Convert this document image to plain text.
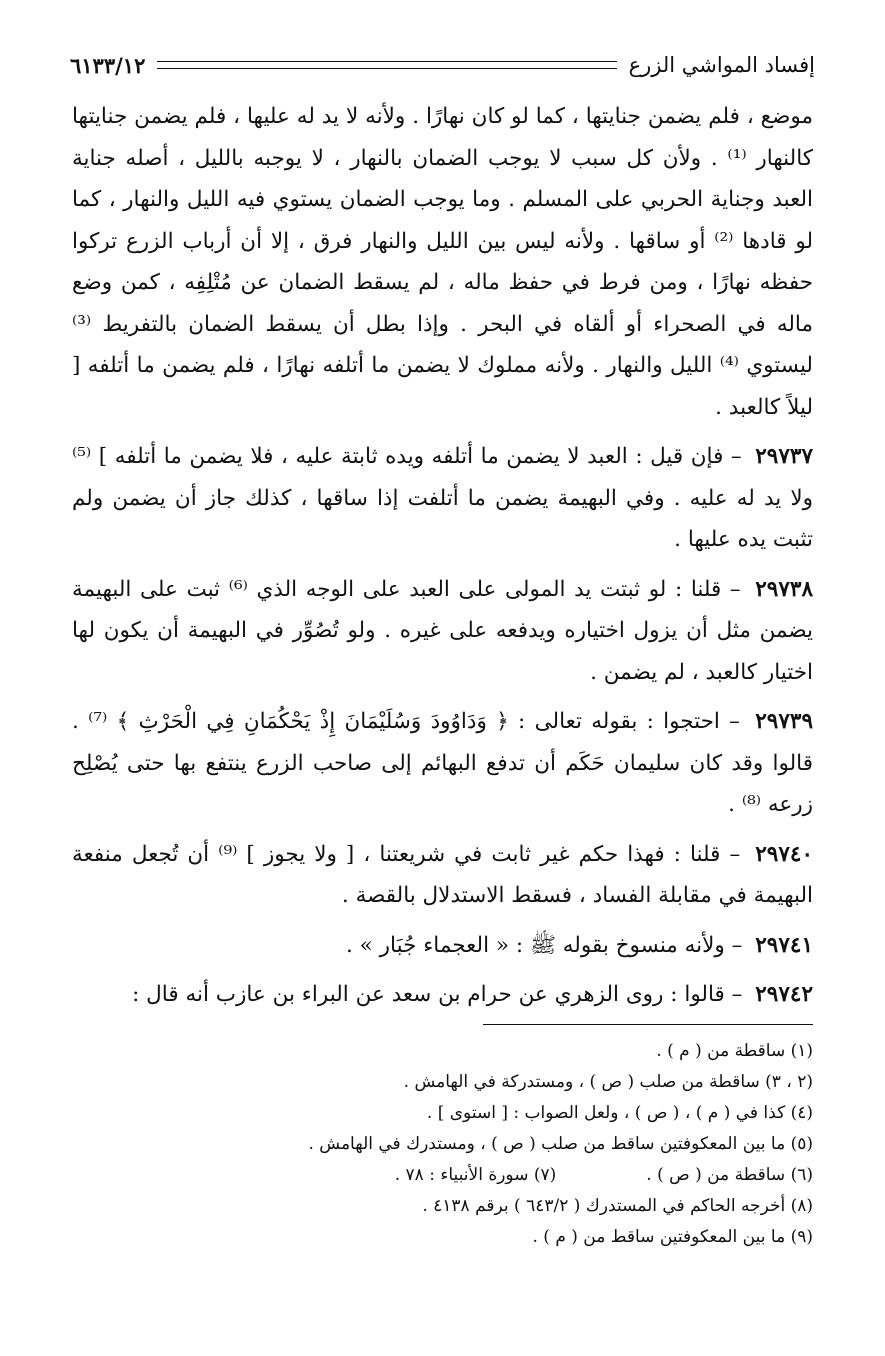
إفساد المواشي الزرع
٦١٣٣/١٢

موضع ، فلم يضمن جنايتها ، كما لو كان نهارًا . ولأنه لا يد له عليها ، فلم يضمن جنايتها كالنهار ⁽¹⁾ . ولأن كل سبب لا يوجب الضمان بالنهار ، لا يوجبه بالليل ، أصله جناية العبد وجناية الحربي على المسلم . وما يوجب الضمان يستوي فيه الليل والنهار ، كما لو قادها ⁽²⁾ أو ساقها . ولأنه ليس بين الليل والنهار فرق ، إلا أن أرباب الزرع تركوا حفظه نهارًا ، ومن فرط في حفظ ماله ، لم يسقط الضمان عن مُتْلِفِه ، كمن وضع ماله في الصحراء أو ألقاه في البحر . وإذا بطل أن يسقط الضمان بالتفريط ⁽³⁾ ليستوي ⁽⁴⁾ الليل والنهار . ولأنه مملوك لا يضمن ما أتلفه نهارًا ، فلم يضمن ما أتلفه [ ليلاً كالعبد .

٢٩٧٣٧ – فإن قيل : العبد لا يضمن ما أتلفه ويده ثابتة عليه ، فلا يضمن ما أتلفه ] ⁽⁵⁾ ولا يد له عليه . وفي البهيمة يضمن ما أتلفت إذا ساقها ، كذلك جاز أن يضمن ولم تثبت يده عليها .

٢٩٧٣٨ – قلنا : لو ثبتت يد المولى على العبد على الوجه الذي ⁽⁶⁾ ثبت على البهيمة يضمن مثل أن يزول اختياره ويدفعه على غيره . ولو تُصُوِّر في البهيمة أن يكون لها اختيار كالعبد ، لم يضمن .

٢٩٧٣٩ – احتجوا : بقوله تعالى : ﴿ وَدَاوُودَ وَسُلَيْمَانَ إِذْ يَحْكُمَانِ فِي الْحَرْثِ ﴾ ⁽⁷⁾ . قالوا وقد كان سليمان حَكَم أن تدفع البهائم إلى صاحب الزرع ينتفع بها حتى يُصْلِح زرعه ⁽⁸⁾ .

٢٩٧٤٠ – قلنا : فهذا حكم غير ثابت في شريعتنا ، [ ولا يجوز ] ⁽⁹⁾ أن تُجعل منفعة البهيمة في مقابلة الفساد ، فسقط الاستدلال بالقصة .

٢٩٧٤١ – ولأنه منسوخ بقوله ﷺ : « العجماء جُبَار » .

٢٩٧٤٢ – قالوا : روى الزهري عن حرام بن سعد عن البراء بن عازب أنه قال :

(١) ساقطة من ( م ) .

(٢ ، ٣) ساقطة من صلب ( ص ) ، ومستدركة في الهامش .

(٤) كذا في ( م ) ، ( ص ) ، ولعل الصواب : [ استوى ] .

(٥) ما بين المعكوفتين ساقط من صلب ( ص ) ، ومستدرك في الهامش .

(٦) ساقطة من ( ص ) .
(٧) سورة الأنبياء : ٧٨ .

(٨) أخرجه الحاكم في المستدرك ( ٦٤٣/٢ ) برقم ٤١٣٨ .

(٩) ما بين المعكوفتين ساقط من ( م ) .
